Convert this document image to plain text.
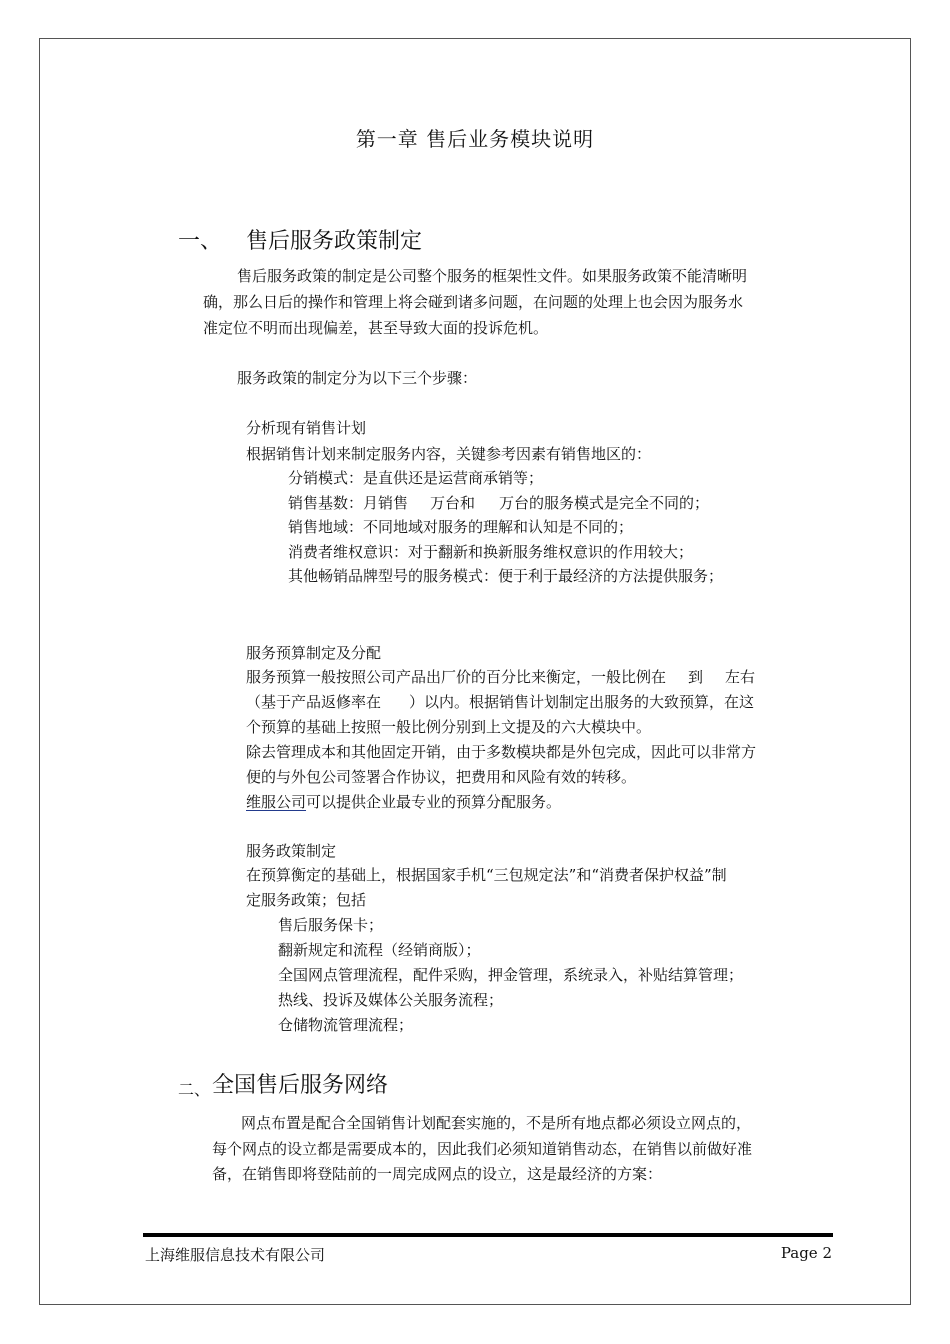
第一章 售后业务模块说明
一、 售后服务政策制定
售后服务政策的制定是公司整个服务的框架性文件。如果服务政策不能清晰明
确，那么日后的操作和管理上将会碰到诸多问题，在问题的处理上也会因为服务水
准定位不明而出现偏差，甚至导致大面的投诉危机。
服务政策的制定分为以下三个步骤：
分析现有销售计划
根据销售计划来制定服务内容，关键参考因素有销售地区的：
分销模式：是直供还是运营商承销等；
销售基数：月销售 万台和 万台的服务模式是完全不同的；
销售地域：不同地域对服务的理解和认知是不同的；
消费者维权意识：对于翻新和换新服务维权意识的作用较大；
其他畅销品牌型号的服务模式：便于利于最经济的方法提供服务；
服务预算制定及分配
服务预算一般按照公司产品出厂价的百分比来衡定，一般比例在 到 左右
（基于产品返修率在 ）以内。根据销售计划制定出服务的大致预算，在这
个预算的基础上按照一般比例分别到上文提及的六大模块中。
除去管理成本和其他固定开销，由于多数模块都是外包完成，因此可以非常方
便的与外包公司签署合作协议，把费用和风险有效的转移。
维服公司可以提供企业最专业的预算分配服务。
服务政策制定
在预算衡定的基础上，根据国家手机“三包规定法”和“消费者保护权益”制
定服务政策；包括
售后服务保卡；
翻新规定和流程（经销商版）；
全国网点管理流程，配件采购，押金管理，系统录入，补贴结算管理；
热线、投诉及媒体公关服务流程；
仓储物流管理流程；
二、 全国售后服务网络
网点布置是配合全国销售计划配套实施的，不是所有地点都必须设立网点的，
每个网点的设立都是需要成本的，因此我们必须知道销售动态，在销售以前做好准
备，在销售即将登陆前的一周完成网点的设立，这是最经济的方案：
上海维服信息技术有限公司	Page 2
